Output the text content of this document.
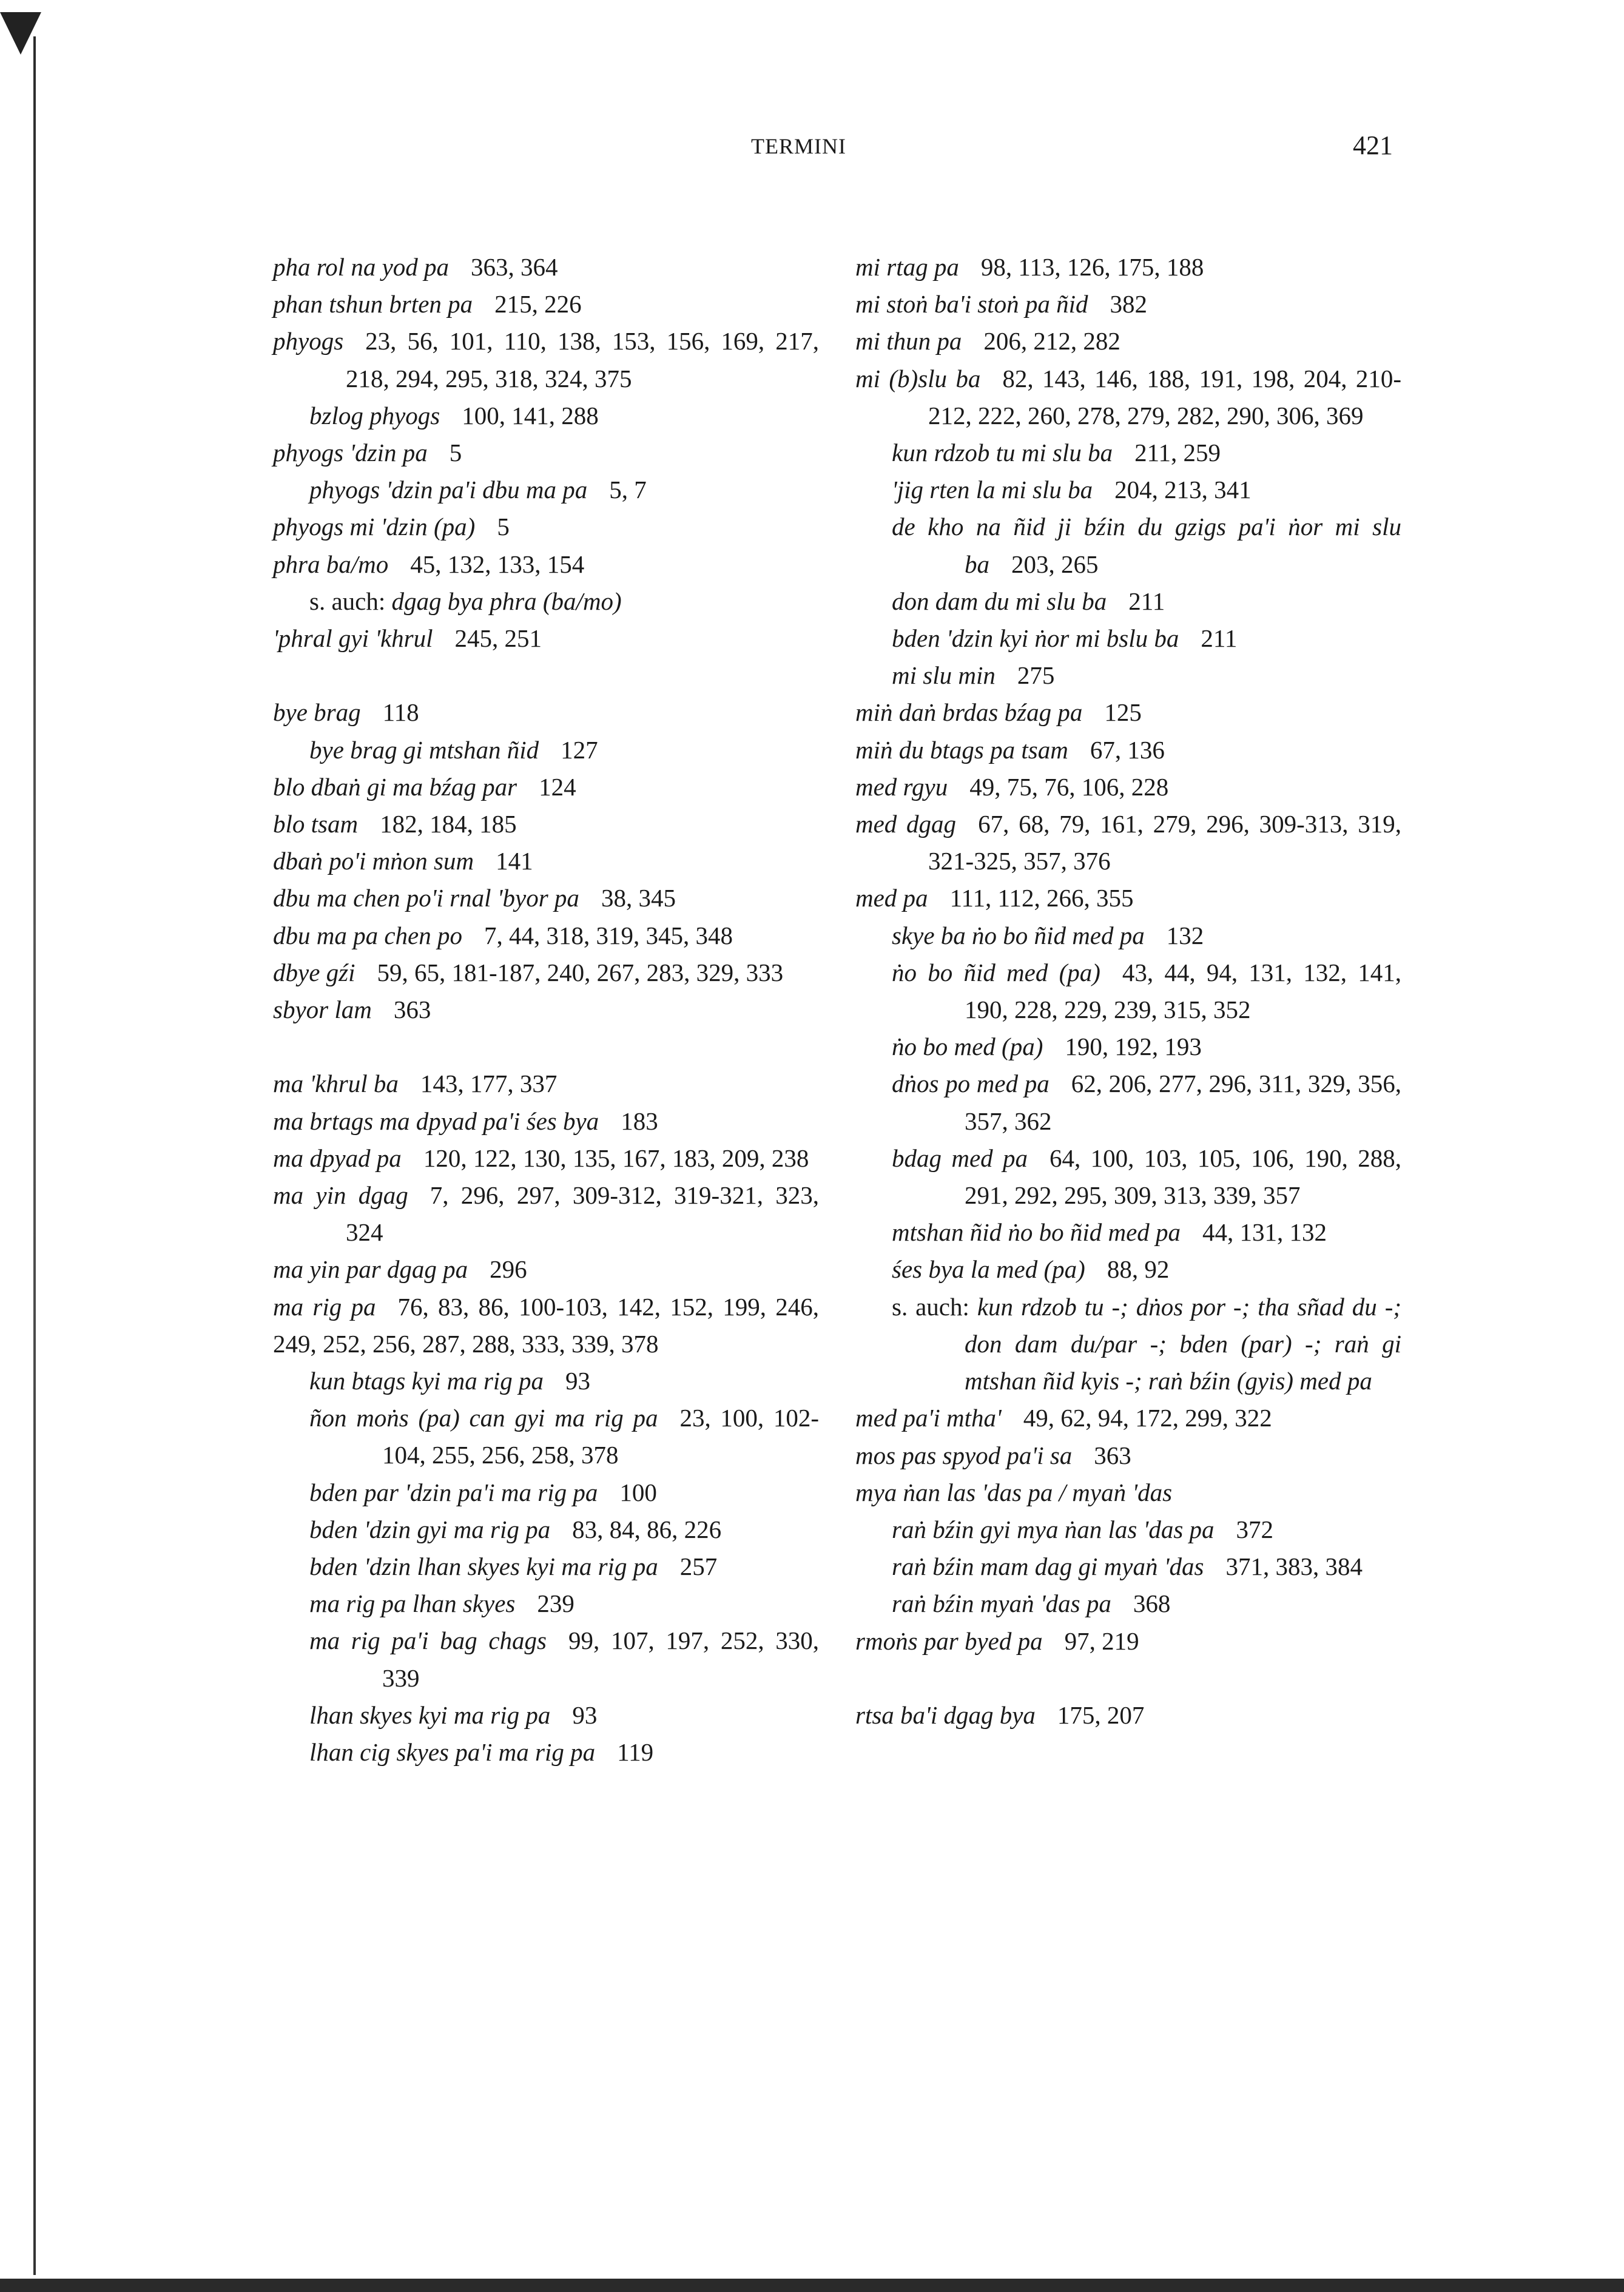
TERMINI	421
pha rol na yod pa 363, 364
phan tshun brten pa 215, 226
phyogs 23, 56, 101, 110, 138, 153, 156, 169, 217, 218, 294, 295, 318, 324, 375
bzlog phyogs 100, 141, 288
phyogs 'dzin pa 5
phyogs 'dzin pa'i dbu ma pa 5, 7
phyogs mi 'dzin (pa) 5
phra ba/mo 45, 132, 133, 154
s. auch: dgag bya phra (ba/mo)
'phral gyi 'khrul 245, 251
bye brag 118
bye brag gi mtshan ñid 127
blo dbaṅ gi ma bźag par 124
blo tsam 182, 184, 185
dbaṅ po'i mṅon sum 141
dbu ma chen po'i rnal 'byor pa 38, 345
dbu ma pa chen po 7, 44, 318, 319, 345, 348
dbye gźi 59, 65, 181-187, 240, 267, 283, 329, 333
sbyor lam 363
ma 'khrul ba 143, 177, 337
ma brtags ma dpyad pa'i śes bya 183
ma dpyad pa 120, 122, 130, 135, 167, 183, 209, 238
ma yin dgag 7, 296, 297, 309-312, 319-321, 323, 324
ma yin par dgag pa 296
ma rig pa 76, 83, 86, 100-103, 142, 152, 199, 246, 249, 252, 256, 287, 288, 333, 339, 378
kun btags kyi ma rig pa 93
ñon moṅs (pa) can gyi ma rig pa 23, 100, 102-104, 255, 256, 258, 378
bden par 'dzin pa'i ma rig pa 100
bden 'dzin gyi ma rig pa 83, 84, 86, 226
bden 'dzin lhan skyes kyi ma rig pa 257
ma rig pa lhan skyes 239
ma rig pa'i bag chags 99, 107, 197, 252, 330, 339
lhan skyes kyi ma rig pa 93
lhan cig skyes pa'i ma rig pa 119
mi rtag pa 98, 113, 126, 175, 188
mi stoṅ ba'i stoṅ pa ñid 382
mi thun pa 206, 212, 282
mi (b)slu ba 82, 143, 146, 188, 191, 198, 204, 210-212, 222, 260, 278, 279, 282, 290, 306, 369
kun rdzob tu mi slu ba 211, 259
'jig rten la mi slu ba 204, 213, 341
de kho na ñid ji bźin du gzigs pa'i ṅor mi slu ba 203, 265
don dam du mi slu ba 211
bden 'dzin kyi ṅor mi bslu ba 211
mi slu min 275
miṅ daṅ brdas bźag pa 125
miṅ du btags pa tsam 67, 136
med rgyu 49, 75, 76, 106, 228
med dgag 67, 68, 79, 161, 279, 296, 309-313, 319, 321-325, 357, 376
med pa 111, 112, 266, 355
skye ba ṅo bo ñid med pa 132
ṅo bo ñid med (pa) 43, 44, 94, 131, 132, 141, 190, 228, 229, 239, 315, 352
ṅo bo med (pa) 190, 192, 193
dṅos po med pa 62, 206, 277, 296, 311, 329, 356, 357, 362
bdag med pa 64, 100, 103, 105, 106, 190, 288, 291, 292, 295, 309, 313, 339, 357
mtshan ñid ṅo bo ñid med pa 44, 131, 132
śes bya la med (pa) 88, 92
s. auch: kun rdzob tu -; dṅos por -; tha sñad du -; don dam du/par -; bden (par) -; raṅ gi mtshan ñid kyis -; raṅ bźin (gyis) med pa
med pa'i mtha' 49, 62, 94, 172, 299, 322
mos pas spyod pa'i sa 363
mya ṅan las 'das pa / myaṅ 'das
raṅ bźin gyi mya ṅan las 'das pa 372
raṅ bźin mam dag gi myaṅ 'das 371, 383, 384
raṅ bźin myaṅ 'das pa 368
rmoṅs par byed pa 97, 219
rtsa ba'i dgag bya 175, 207
